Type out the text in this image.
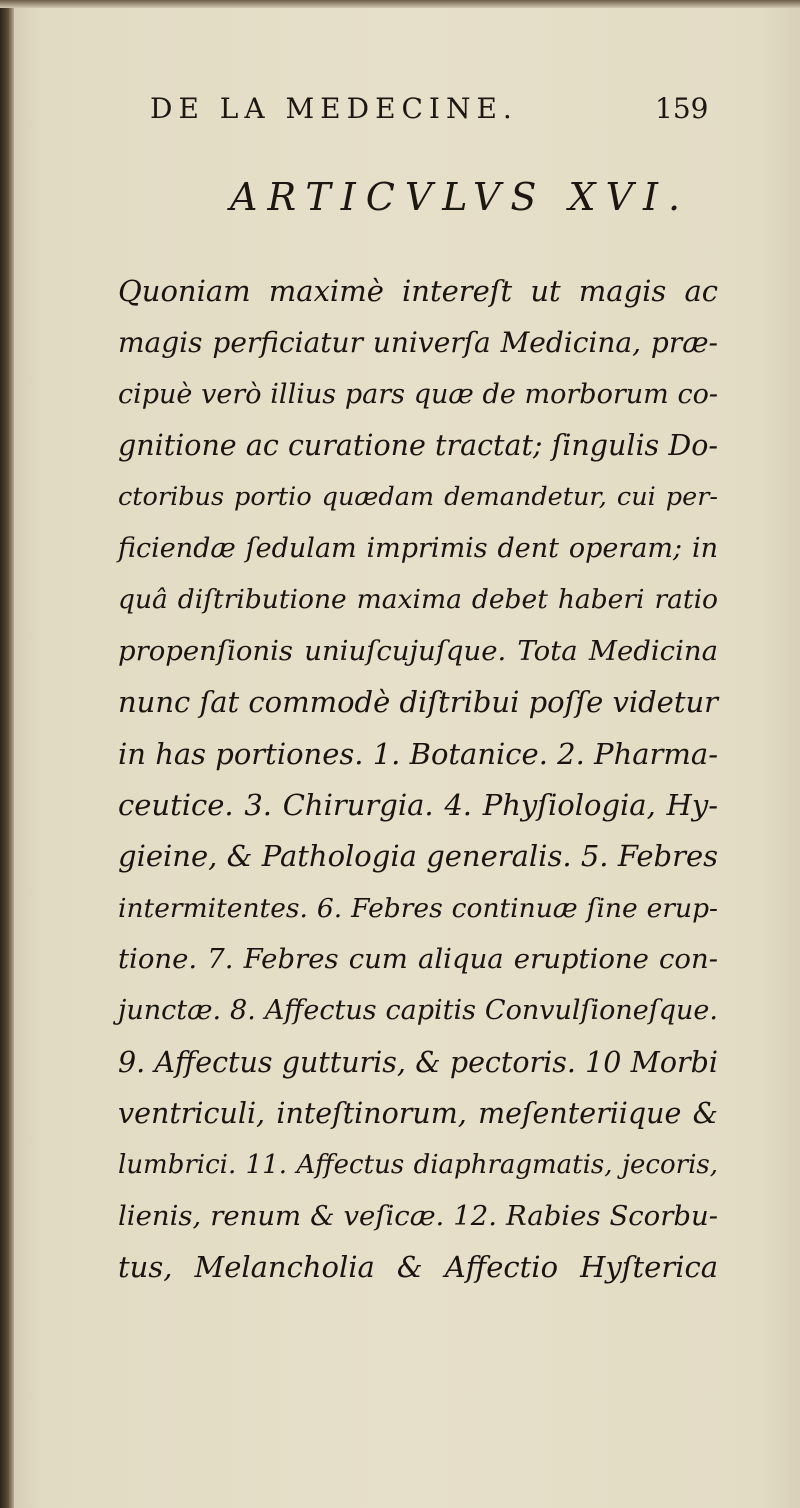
DE LA MEDECINE.	159
ARTICVLVS XVI.
Quoniam maximè intereſt ut magis ac
magis perficiatur univerſa Medicina, præ-
cipuè verò illius pars quæ de morborum co-
gnitione ac curatione tractat; ſingulis Do-
ctoribus portio quædam demandetur, cui per-
ficiendæ ſedulam imprimis dent operam; in
quâ diſtributione maxima debet haberi ratio
propenſionis uniuſcujuſque. Tota Medicina
nunc ſat commodè diſtribui poſſe videtur
in has portiones. 1. Botanice. 2. Pharma-
ceutice. 3. Chirurgia. 4. Phyſiologia, Hy-
gieine, & Pathologia generalis. 5. Febres
intermitentes. 6. Febres continuæ ſine erup-
tione. 7. Febres cum aliqua eruptione con-
junctæ. 8. Affectus capitis Convulſioneſque.
9. Affectus gutturis, & pectoris. 10 Morbi
ventriculi, inteſtinorum, meſenteriique &
lumbrici. 11. Affectus diaphragmatis, jecoris,
lienis, renum & veſicæ. 12. Rabies Scorbu-
tus, Melancholia & Affectio Hyſterica
